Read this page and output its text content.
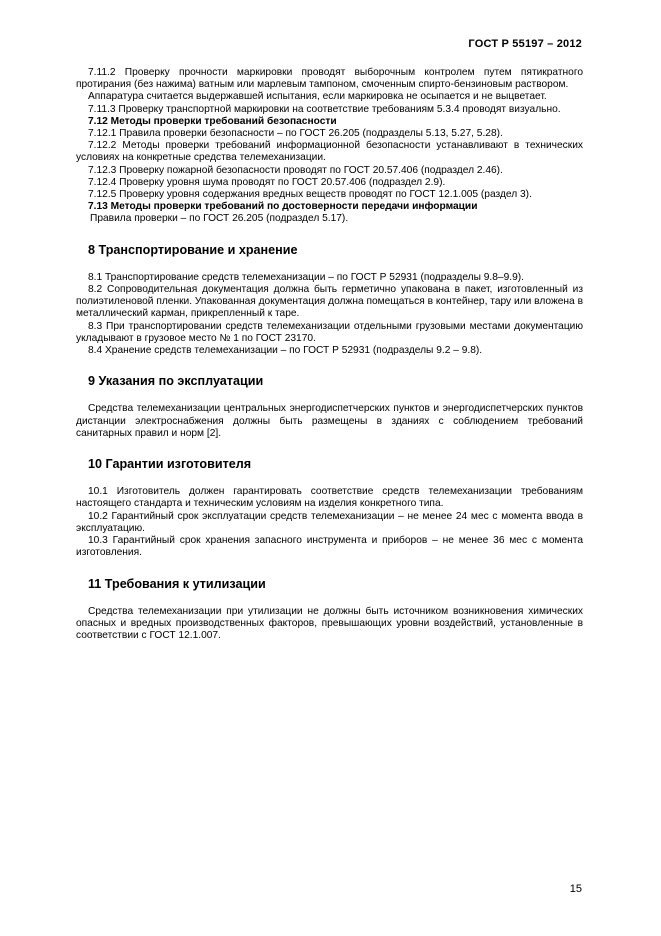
ГОСТ Р 55197 – 2012

7.11.2 Проверку прочности маркировки проводят выборочным контролем путем пятикратного протирания (без нажима) ватным или марлевым тампоном, смоченным спирто-бензиновым раствором.

Аппаратура считается выдержавшей испытания, если маркировка не осыпается и не выцветает.

7.11.3 Проверку транспортной маркировки на соответствие требованиям 5.3.4 проводят визуально.

7.12 Методы проверки требований безопасности

7.12.1 Правила проверки безопасности – по ГОСТ 26.205 (подразделы 5.13, 5.27, 5.28).

7.12.2 Методы проверки требований информационной безопасности устанавливают в технических условиях на конкретные средства телемеханизации.

7.12.3 Проверку пожарной безопасности проводят по ГОСТ 20.57.406 (подраздел 2.46).

7.12.4 Проверку уровня шума проводят по ГОСТ 20.57.406 (подраздел 2.9).

7.12.5 Проверку уровня содержания вредных веществ проводят по ГОСТ 12.1.005 (раздел 3).

7.13 Методы проверки требований по достоверности передачи информации

Правила проверки – по ГОСТ 26.205 (подраздел 5.17).

8 Транспортирование и хранение

8.1 Транспортирование средств телемеханизации – по ГОСТ Р 52931 (подразделы 9.8–9.9).

8.2 Сопроводительная документация должна быть герметично упакована в пакет, изготовленный из полиэтиленовой пленки. Упакованная документация должна помещаться в контейнер, тару или вложена в металлический карман, прикрепленный к таре.

8.3 При транспортировании средств телемеханизации отдельными грузовыми местами документацию укладывают в грузовое место № 1 по ГОСТ 23170.

8.4 Хранение средств телемеханизации – по ГОСТ Р 52931 (подразделы 9.2 – 9.8).

9 Указания по эксплуатации

Средства телемеханизации центральных энергодиспетчерских пунктов и энергодиспетчерских пунктов дистанции электроснабжения должны быть размещены в зданиях с соблюдением требований санитарных правил и норм [2].

10 Гарантии изготовителя

10.1 Изготовитель должен гарантировать соответствие средств телемеханизации требованиям настоящего стандарта и техническим условиям на изделия конкретного типа.

10.2 Гарантийный срок эксплуатации средств телемеханизации – не менее 24 мес с момента ввода в эксплуатацию.

10.3 Гарантийный срок хранения запасного инструмента и приборов – не менее 36 мес с момента изготовления.

11 Требования к утилизации

Средства телемеханизации при утилизации не должны быть источником возникновения химических опасных и вредных производственных факторов, превышающих уровни воздействий, установленные в соответствии с ГОСТ 12.1.007.

15
